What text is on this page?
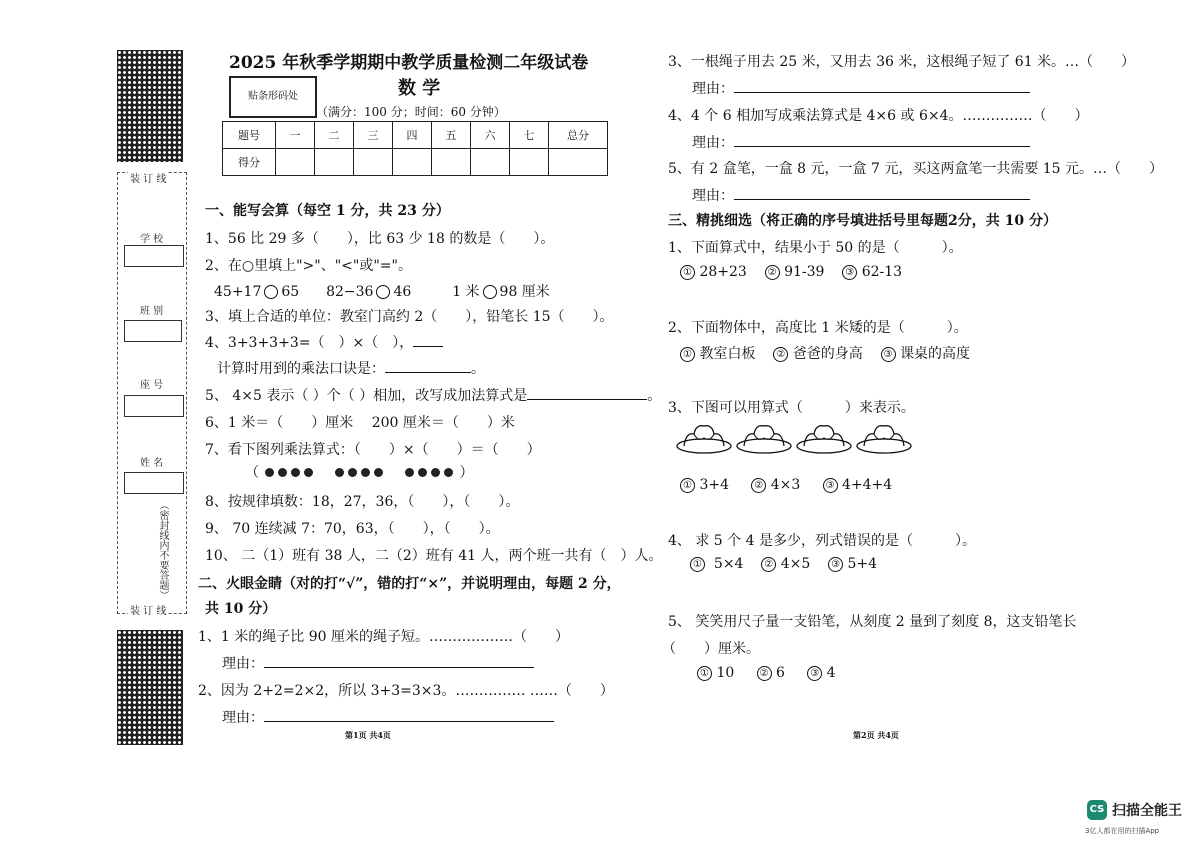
装 订 线
学 校
班 别
座 号
姓 名
（密封线内不要答题）
装 订 线
2025 年秋季学期期中教学质量检测二年级试卷
数 学
贴条形码处
（满分：100 分；时间：60 分钟）
题号	一	二	三	四	五	六	七	总分
得分								
一、能写会算（每空 1 分，共 23 分）
1、56 比 29 多（　　），比 63 少 18 的数是（　　）。
2、在○里填上">"、"<"或"="。
45+17 65 82−36 46	1 米 98 厘米
3、填上合适的单位：教室门高约 2（　　），铅笔长 15（　　）。
4、3+3+3+3=（　）×（　），
计算时用到的乘法口诀是：	。
5、 4×5 表示（ ）个（ ）相加，改写成加法算式是	。
6、1 米＝（　　）厘米　 200 厘米＝（　　）米
7、看下图列乘法算式：（　　）×（　　）＝（　　）
（	）
8、按规律填数：18，27，36，（　　），（　　）。
9、 70 连续减 7：70，63，（　　），（　　）。
10、 二（1）班有 38 人，二（2）班有 41 人，两个班一共有（　）人。
二、火眼金睛（对的打“√”，错的打“×”，并说明理由，每题 2 分，
共 10 分）
1、1 米的绳子比 90 厘米的绳子短。………………（　　）
理由：
2、因为 2+2=2×2，所以 3+3=3×3。…………… ……（　　）
理由：
第1页 共4页
3、一根绳子用去 25 米，又用去 36 米，这根绳子短了 61 米。…（　　）
理由：
4、4 个 6 相加写成乘法算式是 4×6 或 6×4。……………（　　）
理由：
5、有 2 盒笔，一盒 8 元，一盒 7 元，买这两盒笔一共需要 15 元。…（　　）
理由：
三、精挑细选（将正确的序号填进括号里每题2分，共 10 分）
1、下面算式中，结果小于 50 的是（　　　）。
① 28+23 ② 91-39 ③ 62-13
2、下面物体中，高度比 1 米矮的是（　　　）。
① 教室白板 ② 爸爸的身高 ③ 课桌的高度
3、下图可以用算式（　　　）来表示。
① 3+4	② 4×3	③ 4+4+4
4、 求 5 个 4 是多少，列式错误的是（　　　）。
① 5×4 ② 4×5 ③ 5+4
5、 笑笑用尺子量一支铅笔，从刻度 2 量到了刻度 8，这支铅笔长
（　　）厘米。
① 10	② 6	③ 4
第2页 共4页
CS 扫描全能王
3亿人都在用的扫描App
